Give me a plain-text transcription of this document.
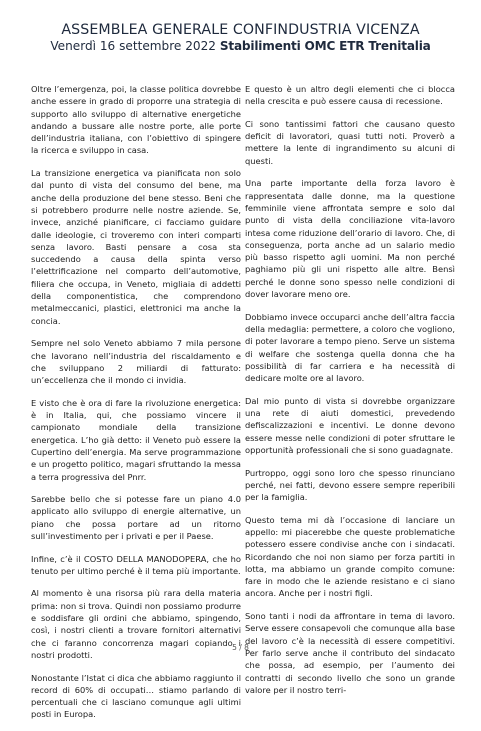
ASSEMBLEA GENERALE CONFINDUSTRIA VICENZA
Venerdì 16 settembre 2022 Stabilimenti OMC ETR Trenitalia

Oltre l’emergenza, poi, la classe politica dovrebbe anche essere in grado di proporre una strategia di supporto allo sviluppo di alternative energetiche andando a bussare alle nostre porte, alle porte dell’industria italiana, con l’obiettivo di spingere la ricerca e sviluppo in casa.

La transizione energetica va pianificata non solo dal punto di vista del consumo del bene, ma anche della produzione del bene stesso. Beni che si potrebbero produrre nelle nostre aziende. Se, invece, anziché pianificare, ci facciamo guidare dalle ideologie, ci troveremo con interi comparti senza lavoro. Basti pensare a cosa sta succedendo a causa della spinta verso l’elettrificazione nel comparto dell’automotive, filiera che occupa, in Veneto, migliaia di addetti della componentistica, che comprendono metalmeccanici, plastici, elettronici ma anche la concia.

Sempre nel solo Veneto abbiamo 7 mila persone che lavorano nell’industria del riscaldamento e che sviluppano 2 miliardi di fatturato: un’eccellenza che il mondo ci invidia.

E visto che è ora di fare la rivoluzione energetica: è in Italia, qui, che possiamo vincere il campionato mondiale della transizione energetica. L’ho già detto: il Veneto può essere la Cupertino dell’energia. Ma serve programmazione e un progetto politico, magari sfruttando la messa a terra progressiva del Pnrr.

Sarebbe bello che si potesse fare un piano 4.0 applicato allo sviluppo di energie alternative, un piano che possa portare ad un ritorno sull’investimento per i privati e per il Paese.

Infine, c’è il COSTO DELLA MANODOPERA, che ho tenuto per ultimo perché è il tema più importante.

Al momento è una risorsa più rara della materia prima: non si trova. Quindi non possiamo produrre e soddisfare gli ordini che abbiamo, spingendo, così, i nostri clienti a trovare fornitori alternativi che ci faranno concorrenza magari copiando i nostri prodotti.

Nonostante l’Istat ci dica che abbiamo raggiunto il record di 60% di occupati… stiamo parlando di percentuali che ci lasciano comunque agli ultimi posti in Europa.

E questo è un altro degli elementi che ci blocca nella crescita e può essere causa di recessione.

Ci sono tantissimi fattori che causano questo deficit di lavoratori, quasi tutti noti. Proverò a mettere la lente di ingrandimento su alcuni di questi.

Una parte importante della forza lavoro è rappresentata dalle donne, ma la questione femminile viene affrontata sempre e solo dal punto di vista della conciliazione vita-lavoro intesa come riduzione dell’orario di lavoro. Che, di conseguenza, porta anche ad un salario medio più basso rispetto agli uomini. Ma non perché paghiamo più gli uni rispetto alle altre. Bensì perché le donne sono spesso nelle condizioni di dover lavorare meno ore.

Dobbiamo invece occuparci anche dell’altra faccia della medaglia: permettere, a coloro che vogliono, di poter lavorare a tempo pieno. Serve un sistema di welfare che sostenga quella donna che ha possibilità di far carriera e ha necessità di dedicare molte ore al lavoro.

Dal mio punto di vista si dovrebbe organizzare una rete di aiuti domestici, prevedendo defiscalizzazioni e incentivi. Le donne devono essere messe nelle condizioni di poter sfruttare le opportunità professionali che si sono guadagnate.

Purtroppo, oggi sono loro che spesso rinunciano perché, nei fatti, devono essere sempre reperibili per la famiglia.

Questo tema mi dà l’occasione di lanciare un appello: mi piacerebbe che queste problematiche potessero essere condivise anche con i sindacati. Ricordando che noi non siamo per forza partiti in lotta, ma abbiamo un grande compito comune: fare in modo che le aziende resistano e ci siano ancora. Anche per i nostri figli.

Sono tanti i nodi da affrontare in tema di lavoro. Serve essere consapevoli che comunque alla base del lavoro c’è la necessità di essere competitivi. Per farlo serve anche il contributo del sindacato che possa, ad esempio, per l’aumento dei contratti di secondo livello che sono un grande valore per il nostro terri-

5 / 8
